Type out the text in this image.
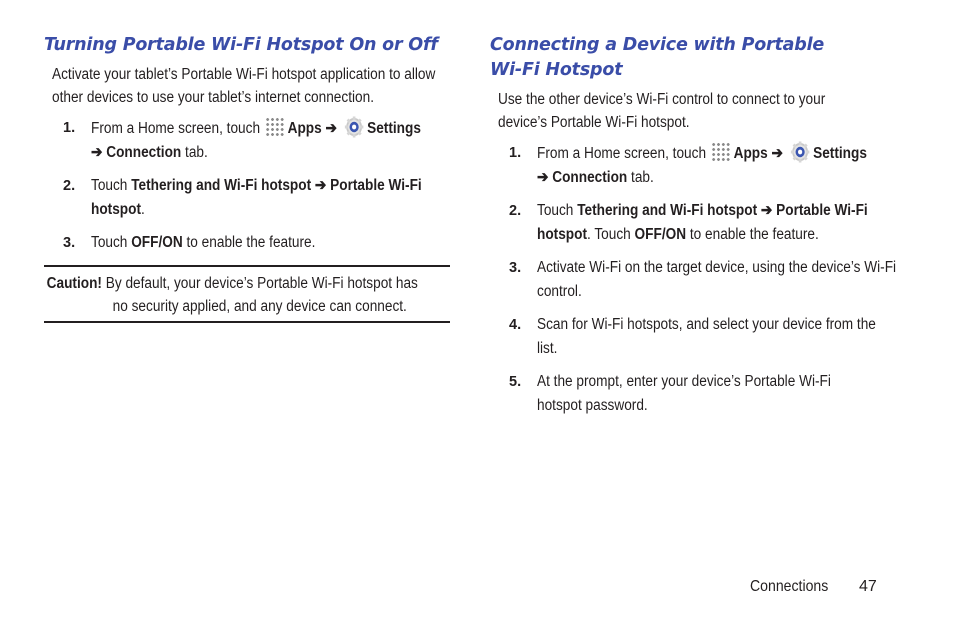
Turning Portable Wi-Fi Hotspot On or Off

Activate your tablet’s Portable Wi-Fi hotspot application to allow other devices to use your tablet’s internet connection.

1. From a Home screen, touch Apps ➔ Settings
➔ Connection tab.
2. Touch Tethering and Wi-Fi hotspot ➔ Portable Wi-Fi hotspot.
3. Touch OFF/ON to enable the feature.
Caution! By default, your device’s Portable Wi-Fi hotspot has
no security applied, and any device can connect.
Connecting a Device with Portable
Wi-Fi Hotspot

Use the other device’s Wi-Fi control to connect to your device’s Portable Wi-Fi hotspot.

1. From a Home screen, touch Apps ➔ Settings
➔ Connection tab.
2. Touch Tethering and Wi-Fi hotspot ➔ Portable Wi-Fi hotspot. Touch OFF/ON to enable the feature.
3. Activate Wi-Fi on the target device, using the device’s Wi-Fi control.
4. Scan for Wi-Fi hotspots, and select your device from the list.
5. At the prompt, enter your device’s Portable Wi-Fi hotspot password.
Connections 47
